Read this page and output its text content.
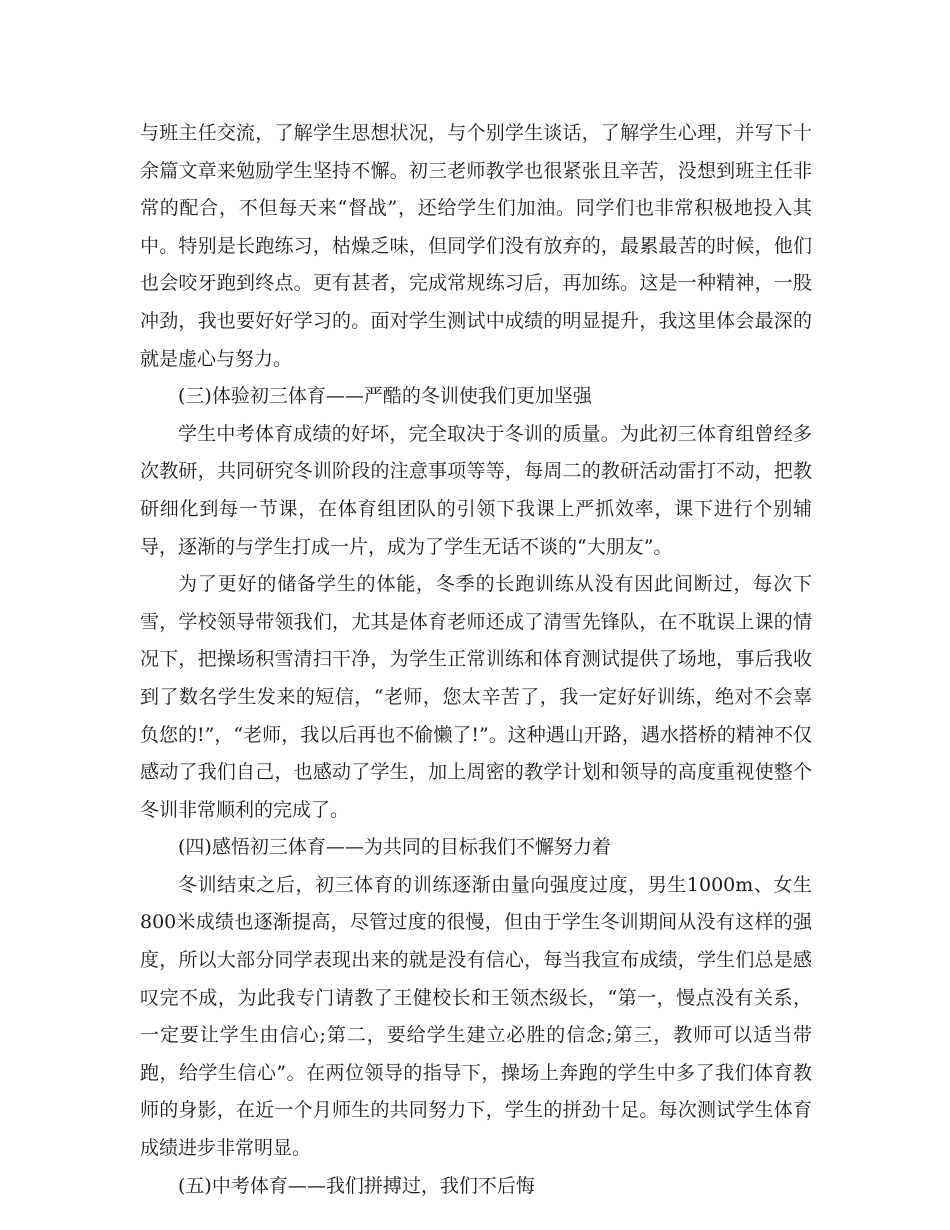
与班主任交流，了解学生思想状况，与个别学生谈话，了解学生心理，并写下十余篇文章来勉励学生坚持不懈。初三老师教学也很紧张且辛苦，没想到班主任非常的配合，不但每天来“督战”，还给学生们加油。同学们也非常积极地投入其中。特别是长跑练习，枯燥乏味，但同学们没有放弃的，最累最苦的时候，他们也会咬牙跑到终点。更有甚者，完成常规练习后，再加练。这是一种精神，一股冲劲，我也要好好学习的。面对学生测试中成绩的明显提升，我这里体会最深的就是虚心与努力。

(三)体验初三体育——严酷的冬训使我们更加坚强

学生中考体育成绩的好坏，完全取决于冬训的质量。为此初三体育组曾经多次教研，共同研究冬训阶段的注意事项等等，每周二的教研活动雷打不动，把教研细化到每一节课，在体育组团队的引领下我课上严抓效率，课下进行个别辅导，逐渐的与学生打成一片，成为了学生无话不谈的“大朋友”。

为了更好的储备学生的体能，冬季的长跑训练从没有因此间断过，每次下雪，学校领导带领我们，尤其是体育老师还成了清雪先锋队，在不耽误上课的情况下，把操场积雪清扫干净，为学生正常训练和体育测试提供了场地，事后我收到了数名学生发来的短信，“老师，您太辛苦了，我一定好好训练，绝对不会辜负您的!”，“老师，我以后再也不偷懒了!”。这种遇山开路，遇水搭桥的精神不仅感动了我们自己，也感动了学生，加上周密的教学计划和领导的高度重视使整个冬训非常顺利的完成了。

(四)感悟初三体育——为共同的目标我们不懈努力着

冬训结束之后，初三体育的训练逐渐由量向强度过度，男生1000m、女生800米成绩也逐渐提高，尽管过度的很慢，但由于学生冬训期间从没有这样的强度，所以大部分同学表现出来的就是没有信心，每当我宣布成绩，学生们总是感叹完不成，为此我专门请教了王健校长和王领杰级长，“第一，慢点没有关系，一定要让学生由信心;第二，要给学生建立必胜的信念;第三，教师可以适当带跑，给学生信心”。在两位领导的指导下，操场上奔跑的学生中多了我们体育教师的身影，在近一个月师生的共同努力下，学生的拼劲十足。每次测试学生体育成绩进步非常明显。

(五)中考体育——我们拼搏过，我们不后悔
